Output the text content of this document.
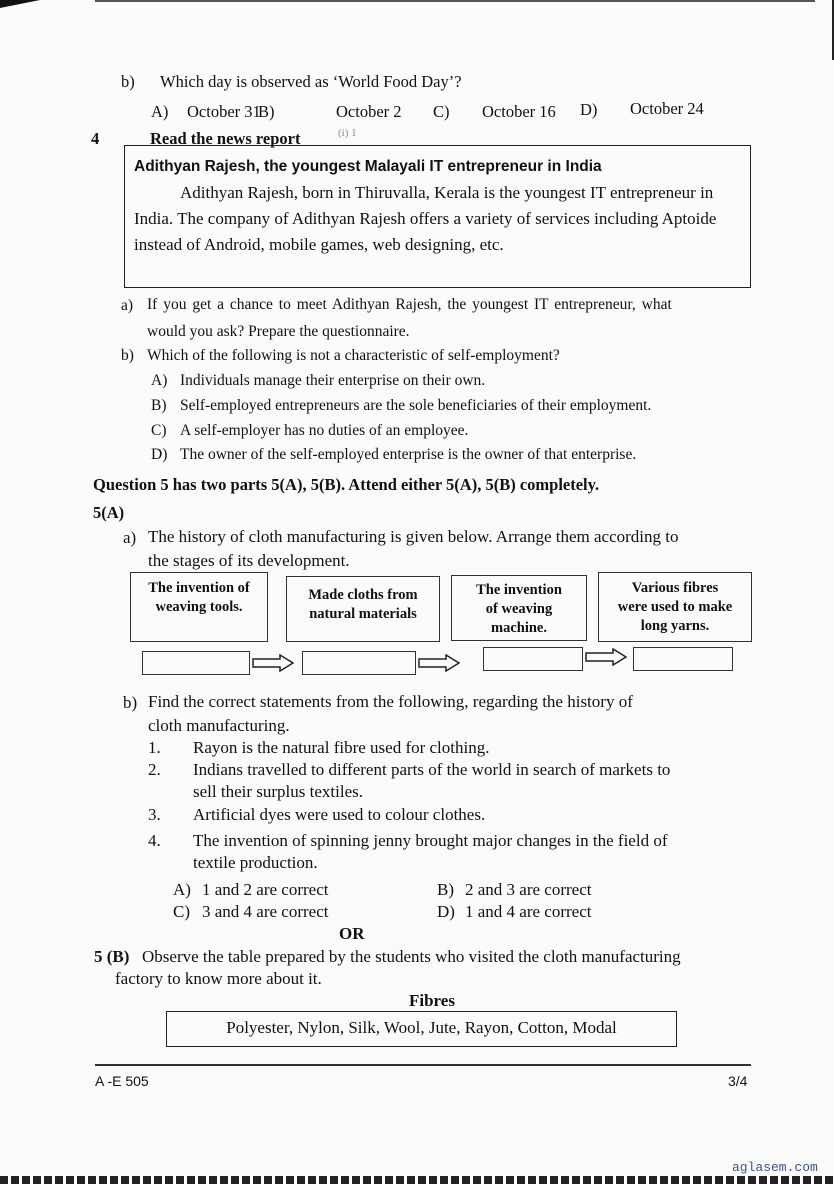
b) Which day is observed as ‘World Food Day’?
A) October 31
B)	October 2 C) October 16 D) October 24
4	Read the news report	(i) 1
Adithyan Rajesh, the youngest Malayali IT entrepreneur in India
Adithyan Rajesh, born in Thiruvalla, Kerala is the youngest IT entrepreneur in India. The company of Adithyan Rajesh offers a variety of services including Aptoide instead of Android, mobile games, web designing, etc.
a) If you get a chance to meet Adithyan Rajesh, the youngest IT entrepreneur, what
would you ask? Prepare the questionnaire.
b) Which of the following is not a characteristic of self-employment?
A) Individuals manage their enterprise on their own.
B) Self-employed entrepreneurs are the sole beneficiaries of their employment.
C) A self-employer has no duties of an employee.
D) The owner of the self-employed enterprise is the owner of that enterprise.
Question 5 has two parts 5(A), 5(B). Attend either 5(A), 5(B) completely.
5(A)
a) The history of cloth manufacturing is given below. Arrange them according to
the stages of its development.
The invention of
weaving tools.
Made cloths from
natural materials
The invention
of weaving
machine.
Various fibres
were used to make
long yarns.
b) Find the correct statements from the following, regarding the history of
cloth manufacturing.
1. Rayon is the natural fibre used for clothing.
2. Indians travelled to different parts of the world in search of markets to
sell their surplus textiles.
3. Artificial dyes were used to colour clothes.
4. The invention of spinning jenny brought major changes in the field of
textile production.
A) 1 and 2 are correct	B) 2 and 3 are correct
C) 3 and 4 are correct	D) 1 and 4 are correct
OR
5 (B) Observe the table prepared by the students who visited the cloth manufacturing
factory to know more about it.
Fibres
Polyester, Nylon, Silk, Wool, Jute, Rayon, Cotton, Modal
A -E 505	3/4
aglasem.com
